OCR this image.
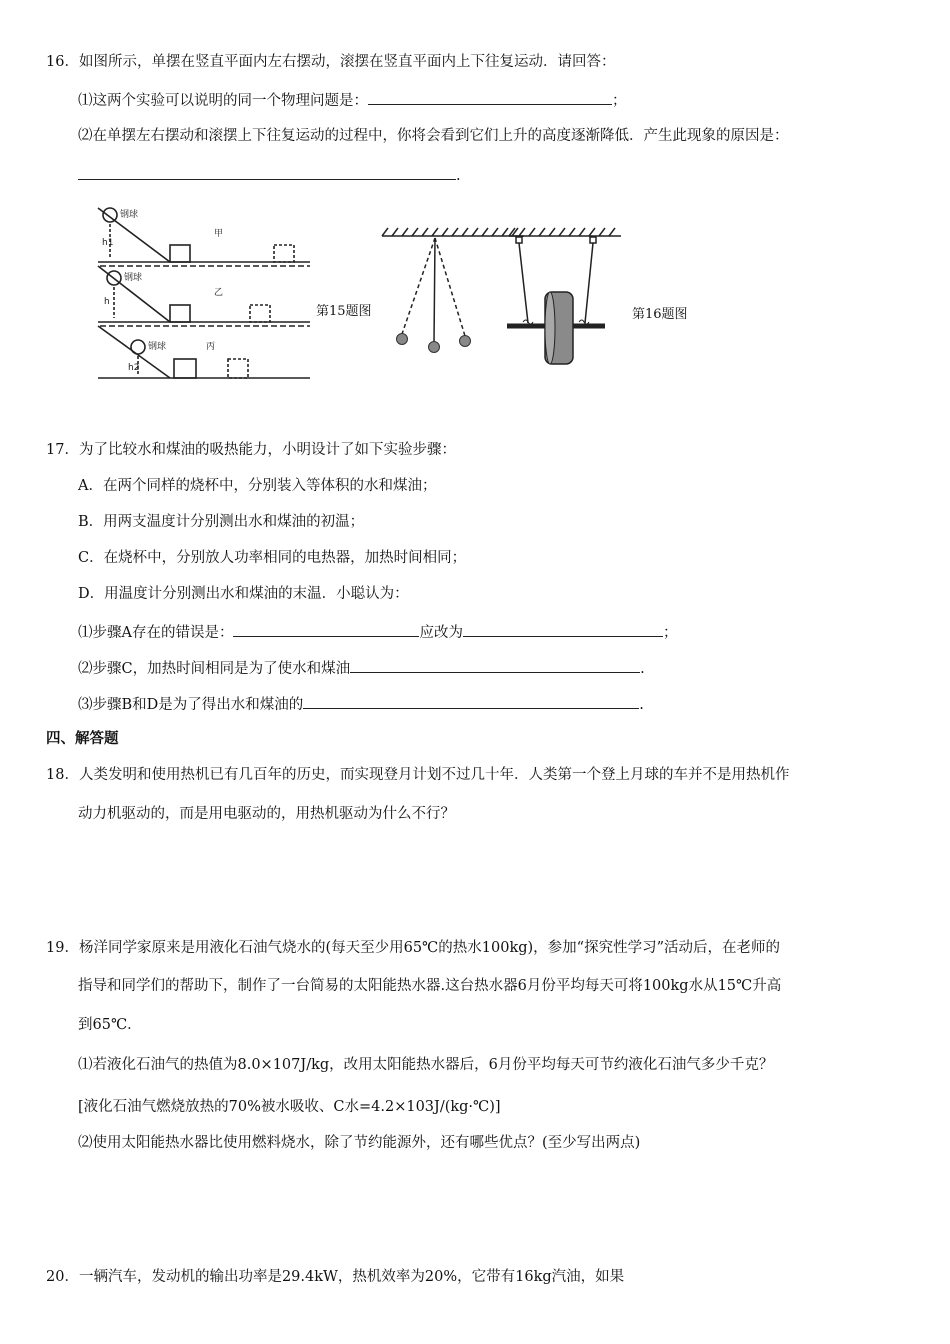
16．如图所示，单摆在竖直平面内左右摆动，滚摆在竖直平面内上下往复运动．请回答：
⑴这两个实验可以说明的同一个物理问题是：	；
⑵在单摆左右摆动和滚摆上下往复运动的过程中，你将会看到它们上升的高度逐渐降低．产生此现象的原因是：
.
钢球
甲
h1
钢球
乙
h
钢球	丙
h2
第15题图	第16题图
17．为了比较水和煤油的吸热能力，小明设计了如下实验步骤：
A．在两个同样的烧杯中，分别装入等体积的水和煤油；
B．用两支温度计分别测出水和煤油的初温；
C．在烧杯中，分别放人功率相同的电热器，加热时间相同；
D．用温度计分别测出水和煤油的末温．小聪认为：
⑴步骤A存在的错误是：	应改为	；
⑵步骤C，加热时间相同是为了使水和煤油	.
⑶步骤B和D是为了得出水和煤油的	.
四、解答题
18．人类发明和使用热机已有几百年的历史，而实现登月计划不过几十年．人类第一个登上月球的车并不是用热机作
动力机驱动的，而是用电驱动的，用热机驱动为什么不行？
19．杨洋同学家原来是用液化石油气烧水的(每天至少用65℃的热水100kg)，参加“探究性学习”活动后，在老师的
指导和同学们的帮助下，制作了一台简易的太阳能热水器.这台热水器6月份平均每天可将100kg水从15℃升高
到65℃．
⑴若液化石油气的热值为8.0×107J/kg，改用太阳能热水器后，6月份平均每天可节约液化石油气多少千克？
[液化石油气燃烧放热的70%被水吸收、C水=4.2×103J/(kg·℃)]
⑵使用太阳能热水器比使用燃料烧水，除了节约能源外，还有哪些优点？(至少写出两点)
20．一辆汽车，发动机的输出功率是29.4kW，热机效率为20%，它带有16kg汽油，如果
